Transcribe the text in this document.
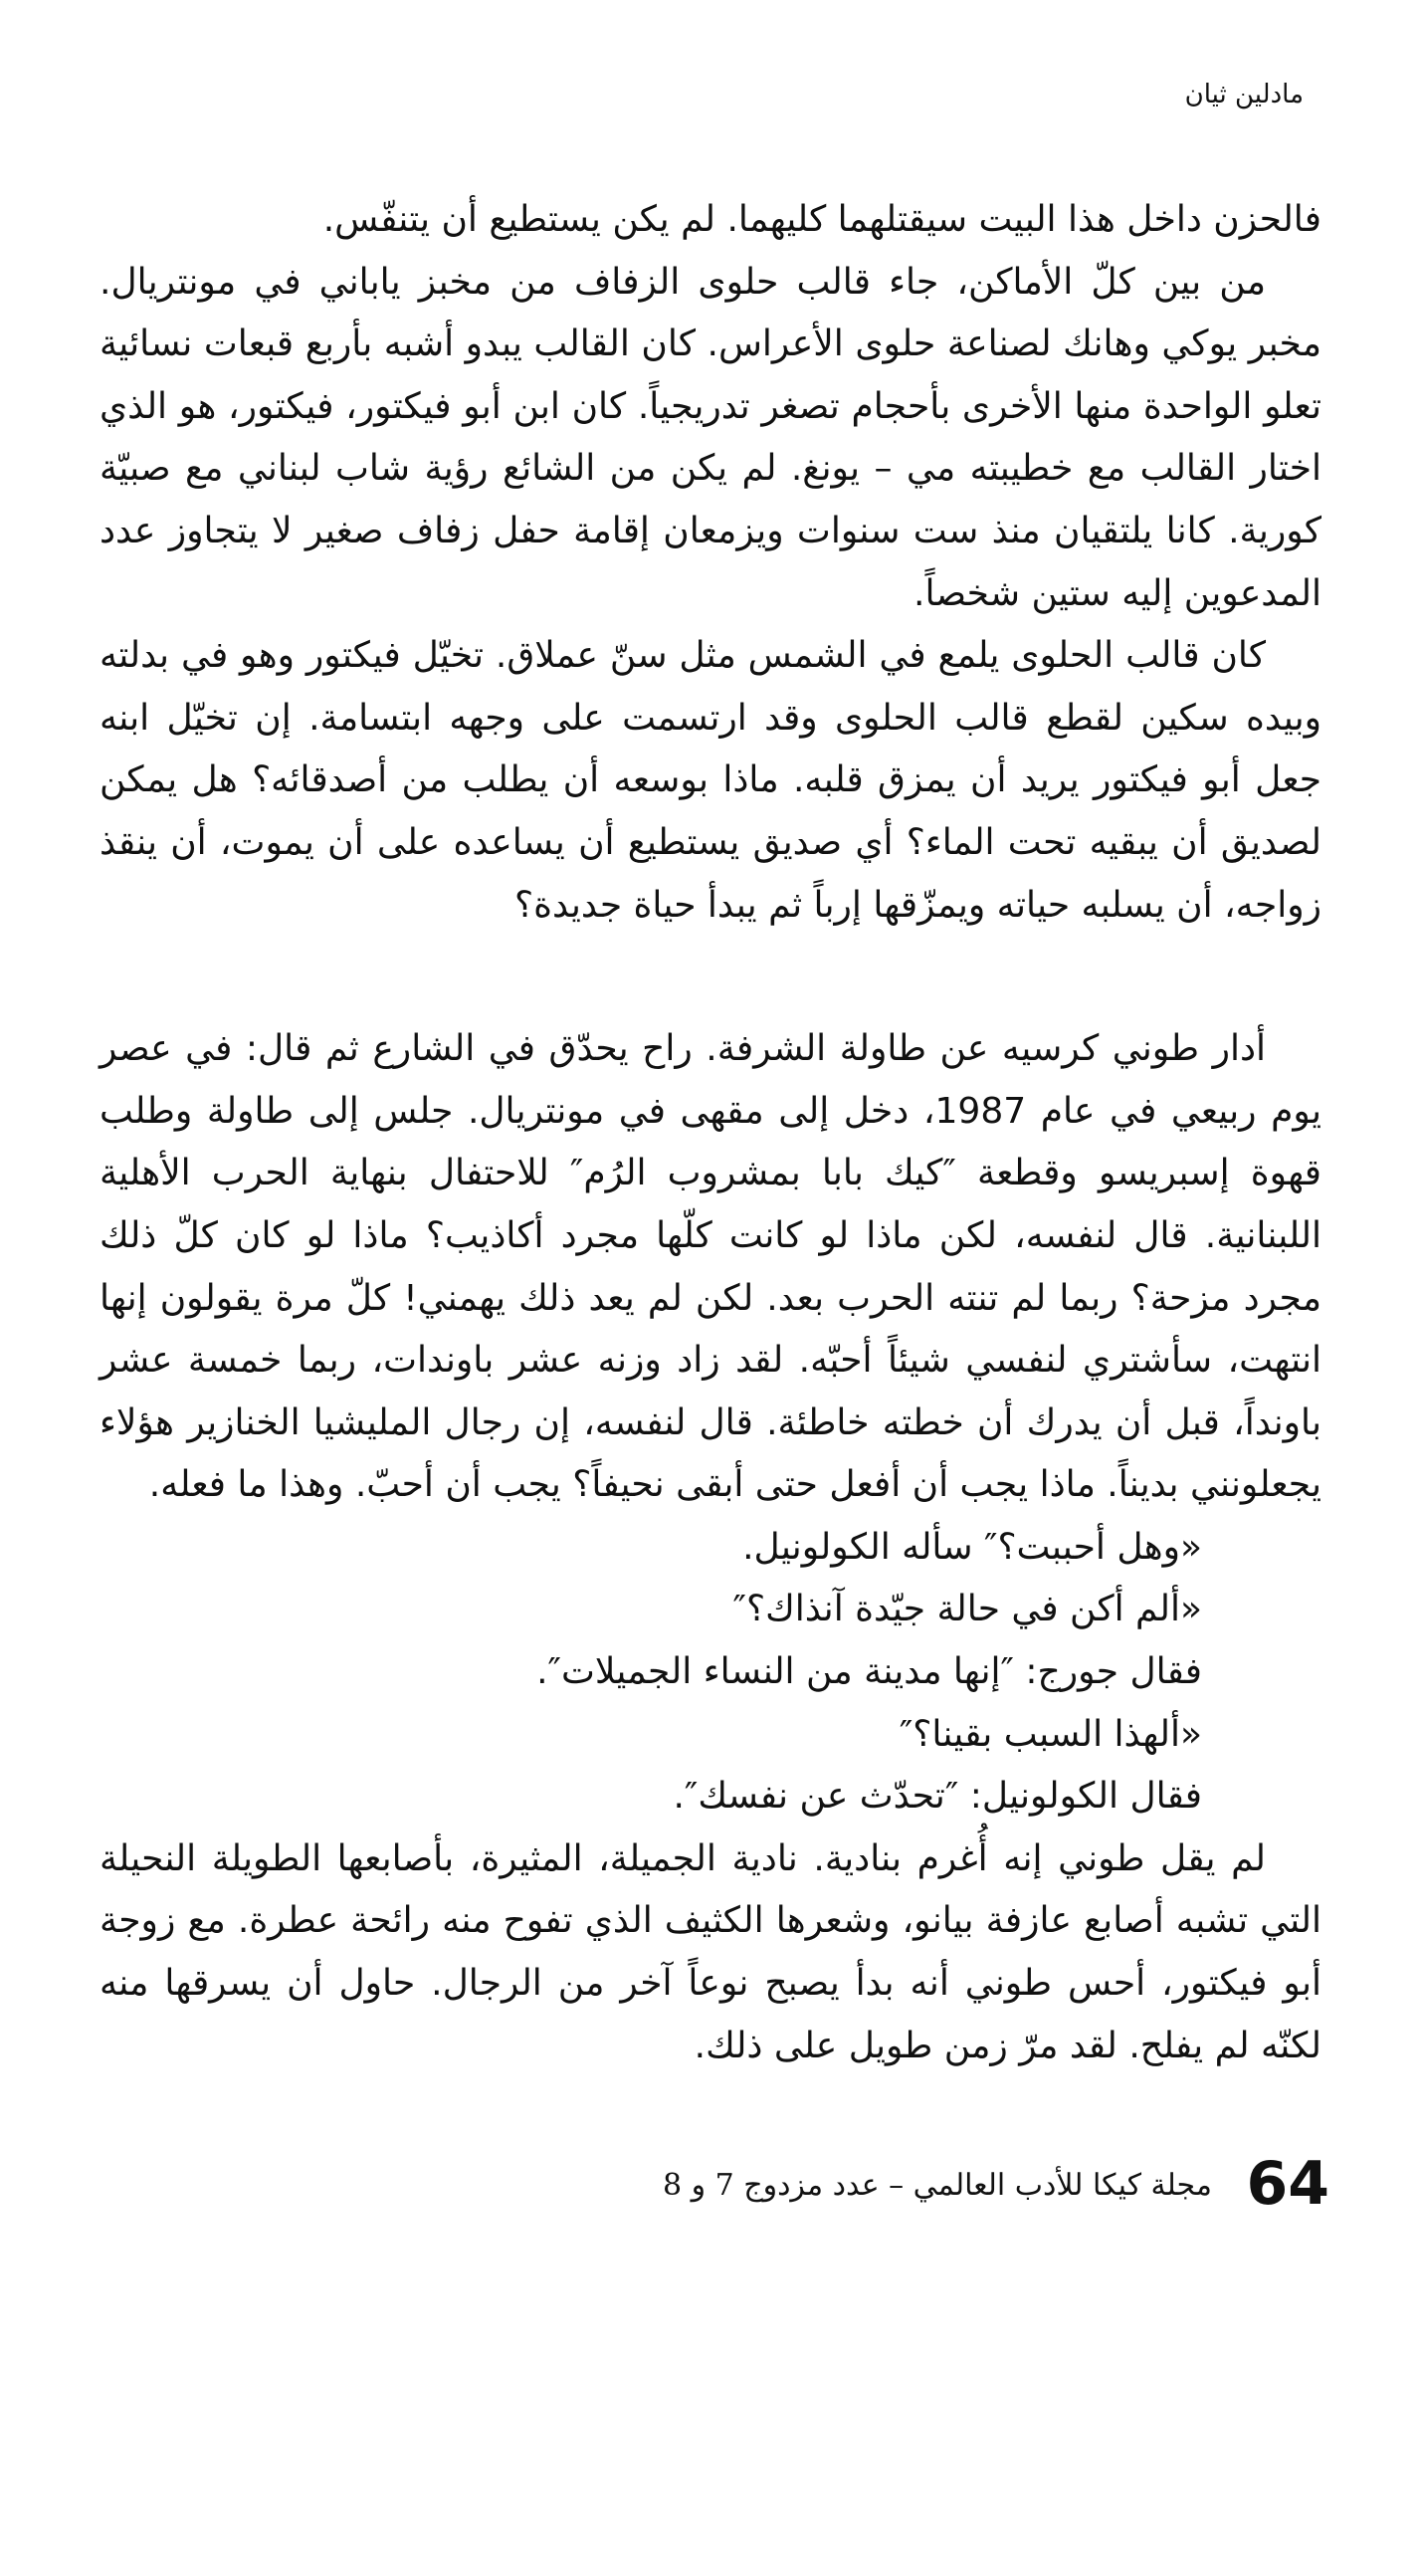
مادلين ثيان

فالحزن داخل هذا البيت سيقتلهما كليهما. لم يكن يستطيع أن يتنفّس.

من بين كلّ الأماكن، جاء قالب حلوى الزفاف من مخبز ياباني في مونتريال. مخبر يوكي وهانك لصناعة حلوى الأعراس. كان القالب يبدو أشبه بأربع قبعات نسائية تعلو الواحدة منها الأخرى بأحجام تصغر تدريجياً. كان ابن أبو فيكتور، فيكتور، هو الذي اختار القالب مع خطيبته مي – يونغ. لم يكن من الشائع رؤية شاب لبناني مع صبيّة كورية. كانا يلتقيان منذ ست سنوات ويزمعان إقامة حفل زفاف صغير لا يتجاوز عدد المدعوين إليه ستين شخصاً.

كان قالب الحلوى يلمع في الشمس مثل سنّ عملاق. تخيّل فيكتور وهو في بدلته وبيده سكين لقطع قالب الحلوى وقد ارتسمت على وجهه ابتسامة. إن تخيّل ابنه جعل أبو فيكتور يريد أن يمزق قلبه. ماذا بوسعه أن يطلب من أصدقائه؟ هل يمكن لصديق أن يبقيه تحت الماء؟ أي صديق يستطيع أن يساعده على أن يموت، أن ينقذ زواجه، أن يسلبه حياته ويمزّقها إرباً ثم يبدأ حياة جديدة؟

أدار طوني كرسيه عن طاولة الشرفة. راح يحدّق في الشارع ثم قال: في عصر يوم ربيعي في عام 1987، دخل إلى مقهى في مونتريال. جلس إلى طاولة وطلب قهوة إسبريسو وقطعة ″كيك بابا بمشروب الرُم″ للاحتفال بنهاية الحرب الأهلية اللبنانية. قال لنفسه، لكن ماذا لو كانت كلّها مجرد أكاذيب؟ ماذا لو كان كلّ ذلك مجرد مزحة؟ ربما لم تنته الحرب بعد. لكن لم يعد ذلك يهمني! كلّ مرة يقولون إنها انتهت، سأشتري لنفسي شيئاً أحبّه. لقد زاد وزنه عشر باوندات، ربما خمسة عشر باونداً، قبل أن يدرك أن خطته خاطئة. قال لنفسه، إن رجال المليشيا الخنازير هؤلاء يجعلونني بديناً. ماذا يجب أن أفعل حتى أبقى نحيفاً؟ يجب أن أحبّ. وهذا ما فعله.

«وهل أحببت؟″ سأله الكولونيل.

«ألم أكن في حالة جيّدة آنذاك؟″

فقال جورج: ″إنها مدينة من النساء الجميلات″.

«ألهذا السبب بقينا؟″

فقال الكولونيل: ″تحدّث عن نفسك″.

لم يقل طوني إنه أُغرم بنادية. نادية الجميلة، المثيرة، بأصابعها الطويلة النحيلة التي تشبه أصابع عازفة بيانو، وشعرها الكثيف الذي تفوح منه رائحة عطرة. مع زوجة أبو فيكتور، أحس طوني أنه بدأ يصبح نوعاً آخر من الرجال. حاول أن يسرقها منه لكنّه لم يفلح. لقد مرّ زمن طويل على ذلك.

64
مجلة كيكا للأدب العالمي – عدد مزدوج 7 و 8
